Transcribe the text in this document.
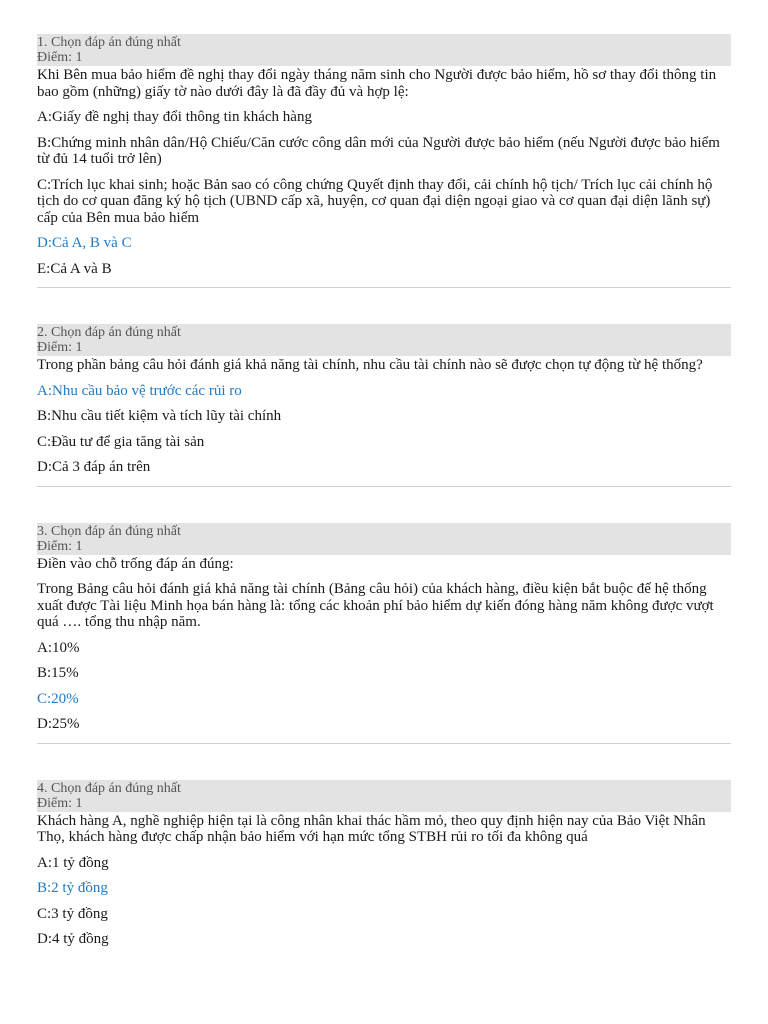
1. Chọn đáp án đúng nhất
Điểm: 1

Khi Bên mua bảo hiểm đề nghị thay đổi ngày tháng năm sinh cho Người được bảo hiểm, hồ sơ thay đổi thông tin bao gồm (những) giấy tờ nào dưới đây là đã đầy đủ và hợp lệ:

A:Giấy đề nghị thay đổi thông tin khách hàng

B:Chứng minh nhân dân/Hộ Chiếu/Căn cước công dân mới của Người được bảo hiểm (nếu Người được bảo hiểm từ đủ 14 tuổi trở lên)

C:Trích lục khai sinh; hoặc Bản sao có công chứng Quyết định thay đổi, cải chính hộ tịch/ Trích lục cải chính hộ tịch do cơ quan đăng ký hộ tịch (UBND cấp xã, huyện, cơ quan đại diện ngoại giao và cơ quan đại diện lãnh sự) cấp của Bên mua bảo hiểm

D:Cả A, B và C

E:Cả A và B

2. Chọn đáp án đúng nhất
Điểm: 1

Trong phần bảng câu hỏi đánh giá khả năng tài chính, nhu cầu tài chính nào sẽ được chọn tự động từ hệ thống?

A:Nhu cầu bảo vệ trước các rủi ro

B:Nhu cầu tiết kiệm và tích lũy tài chính

C:Đầu tư để gia tăng tài sản

D:Cả 3 đáp án trên

3. Chọn đáp án đúng nhất
Điểm: 1

Điền vào chỗ trống đáp án đúng:

Trong Bảng câu hỏi đánh giá khả năng tài chính (Bảng câu hỏi) của khách hàng, điều kiện bắt buộc để hệ thống xuất được Tài liệu Minh họa bán hàng là: tổng các khoản phí bảo hiểm dự kiến đóng hàng năm không được vượt quá …. tổng thu nhập năm.

A:10%

B:15%

C:20%

D:25%

4. Chọn đáp án đúng nhất
Điểm: 1

Khách hàng A, nghề nghiệp hiện tại là công nhân khai thác hầm mỏ, theo quy định hiện nay của Bảo Việt Nhân Thọ, khách hàng được chấp nhận bảo hiểm với hạn mức tổng STBH rủi ro tối đa không quá

A:1 tỷ đồng

B:2 tỷ đồng

C:3 tỷ đồng

D:4 tỷ đồng
